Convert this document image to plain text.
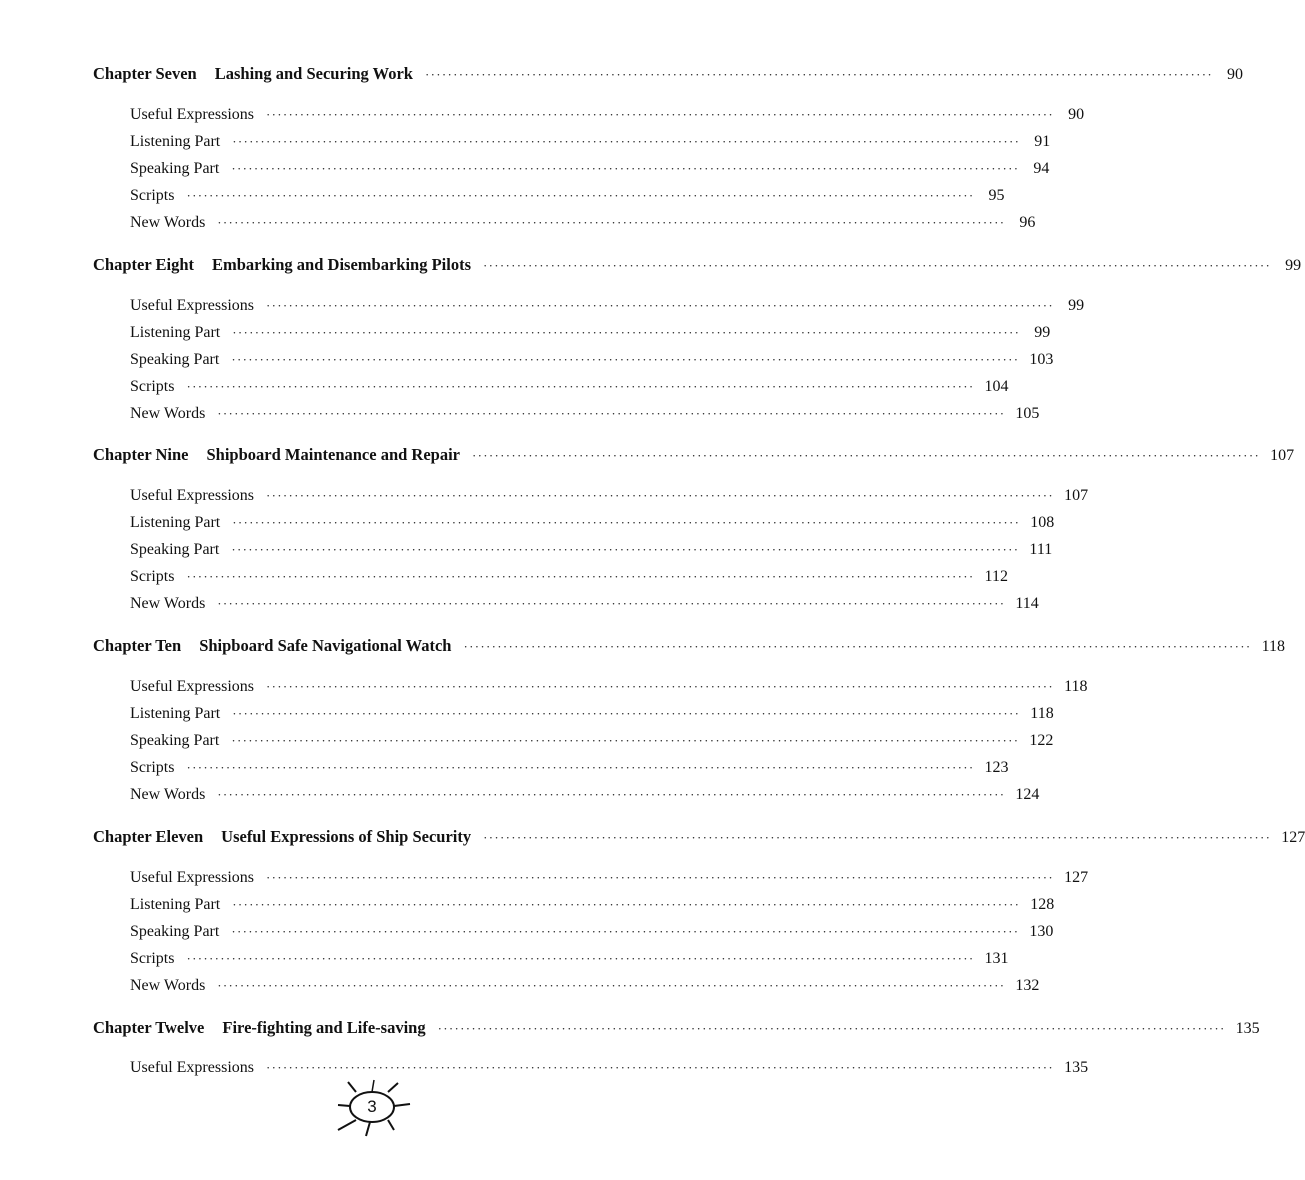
Chapter Seven Lashing and Securing Work ············································································································································ 90
Useful Expressions ············································································································································ 90
Listening Part ············································································································································ 91
Speaking Part ············································································································································ 94
Scripts ············································································································································ 95
New Words ············································································································································ 96
Chapter Eight Embarking and Disembarking Pilots ············································································································································ 99
Useful Expressions ············································································································································ 99
Listening Part ············································································································································ 99
Speaking Part ············································································································································ 103
Scripts ············································································································································ 104
New Words ············································································································································ 105
Chapter Nine Shipboard Maintenance and Repair ············································································································································ 107
Useful Expressions ············································································································································ 107
Listening Part ············································································································································ 108
Speaking Part ············································································································································ 111
Scripts ············································································································································ 112
New Words ············································································································································ 114
Chapter Ten Shipboard Safe Navigational Watch ············································································································································ 118
Useful Expressions ············································································································································ 118
Listening Part ············································································································································ 118
Speaking Part ············································································································································ 122
Scripts ············································································································································ 123
New Words ············································································································································ 124
Chapter Eleven Useful Expressions of Ship Security ············································································································································ 127
Useful Expressions ············································································································································ 127
Listening Part ············································································································································ 128
Speaking Part ············································································································································ 130
Scripts ············································································································································ 131
New Words ············································································································································ 132
Chapter Twelve Fire-fighting and Life-saving ············································································································································ 135
Useful Expressions ············································································································································ 135
3
